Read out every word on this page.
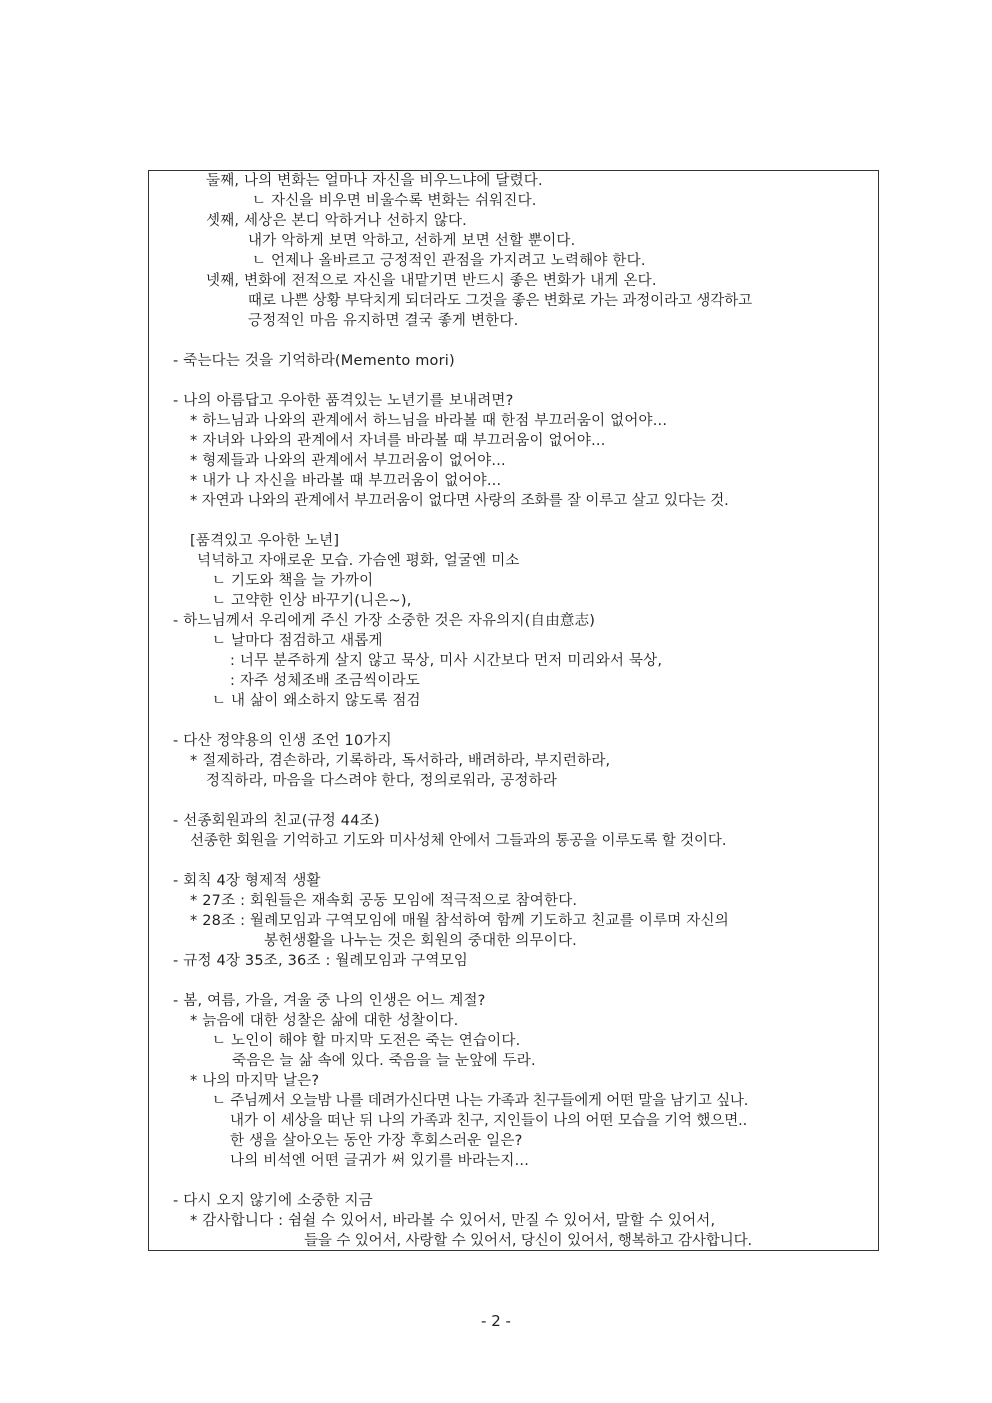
둘째, 나의 변화는 얼마나 자신을 비우느냐에 달렸다.
ㄴ 자신을 비우면 비울수록 변화는 쉬워진다.
셋째, 세상은 본디 악하거나 선하지 않다.
내가 악하게 보면 악하고, 선하게 보면 선할 뿐이다.
ㄴ 언제나 올바르고 긍정적인 관점을 가지려고 노력해야 한다.
넷째, 변화에 전적으로 자신을 내맡기면 반드시 좋은 변화가 내게 온다.
때로 나쁜 상황 부닥치게 되더라도 그것을 좋은 변화로 가는 과정이라고 생각하고
긍정적인 마음 유지하면 결국 좋게 변한다.
- 죽는다는 것을 기억하라(Memento mori)
- 나의 아름답고 우아한 품격있는 노년기를 보내려면?
* 하느님과 나와의 관계에서 하느님을 바라볼 때 한점 부끄러움이 없어야...
* 자녀와 나와의 관계에서 자녀를 바라볼 때 부끄러움이 없어야...
* 형제들과 나와의 관계에서 부끄러움이 없어야...
* 내가 나 자신을 바라볼 때 부끄러움이 없어야...
* 자연과 나와의 관계에서 부끄러움이 없다면 사랑의 조화를 잘 이루고 살고 있다는 것.
[품격있고 우아한 노년]
넉넉하고 자애로운 모습. 가슴엔 평화, 얼굴엔 미소
ㄴ 기도와 책을 늘 가까이
ㄴ 고약한 인상 바꾸기(니은~),
- 하느님께서 우리에게 주신 가장 소중한 것은 자유의지(自由意志)
ㄴ 날마다 점검하고 새롭게
: 너무 분주하게 살지 않고 묵상, 미사 시간보다 먼저 미리와서 묵상,
: 자주 성체조배 조금씩이라도
ㄴ 내 삶이 왜소하지 않도록 점검
- 다산 정약용의 인생 조언 10가지
* 절제하라, 겸손하라, 기록하라, 독서하라, 배려하라, 부지런하라,
정직하라, 마음을 다스려야 한다, 정의로워라, 공정하라
- 선종회원과의 친교(규정 44조)
선종한 회원을 기억하고 기도와 미사성체 안에서 그들과의 통공을 이루도록 할 것이다.
- 회칙 4장 형제적 생활
* 27조 : 회원들은 재속회 공동 모임에 적극적으로 참여한다.
* 28조 : 월례모임과 구역모임에 매월 참석하여 함께 기도하고 친교를 이루며 자신의
봉헌생활을 나누는 것은 회원의 중대한 의무이다.
- 규정 4장 35조, 36조 : 월례모임과 구역모임
- 봄, 여름, 가을, 겨울 중 나의 인생은 어느 계절?
* 늙음에 대한 성찰은 삶에 대한 성찰이다.
ㄴ 노인이 해야 할 마지막 도전은 죽는 연습이다.
죽음은 늘 삶 속에 있다. 죽음을 늘 눈앞에 두라.
* 나의 마지막 날은?
ㄴ 주님께서 오늘밤 나를 데려가신다면 나는 가족과 친구들에게 어떤 말을 남기고 싶나.
내가 이 세상을 떠난 뒤 나의 가족과 친구, 지인들이 나의 어떤 모습을 기억 했으면..
한 생을 살아오는 동안 가장 후회스러운 일은?
나의 비석엔 어떤 글귀가 써 있기를 바라는지...
- 다시 오지 않기에 소중한 지금
* 감사합니다 : 쉼쉴 수 있어서, 바라볼 수 있어서, 만질 수 있어서, 말할 수 있어서,
들을 수 있어서, 사랑할 수 있어서, 당신이 있어서, 행복하고 감사합니다.
- 2 -
